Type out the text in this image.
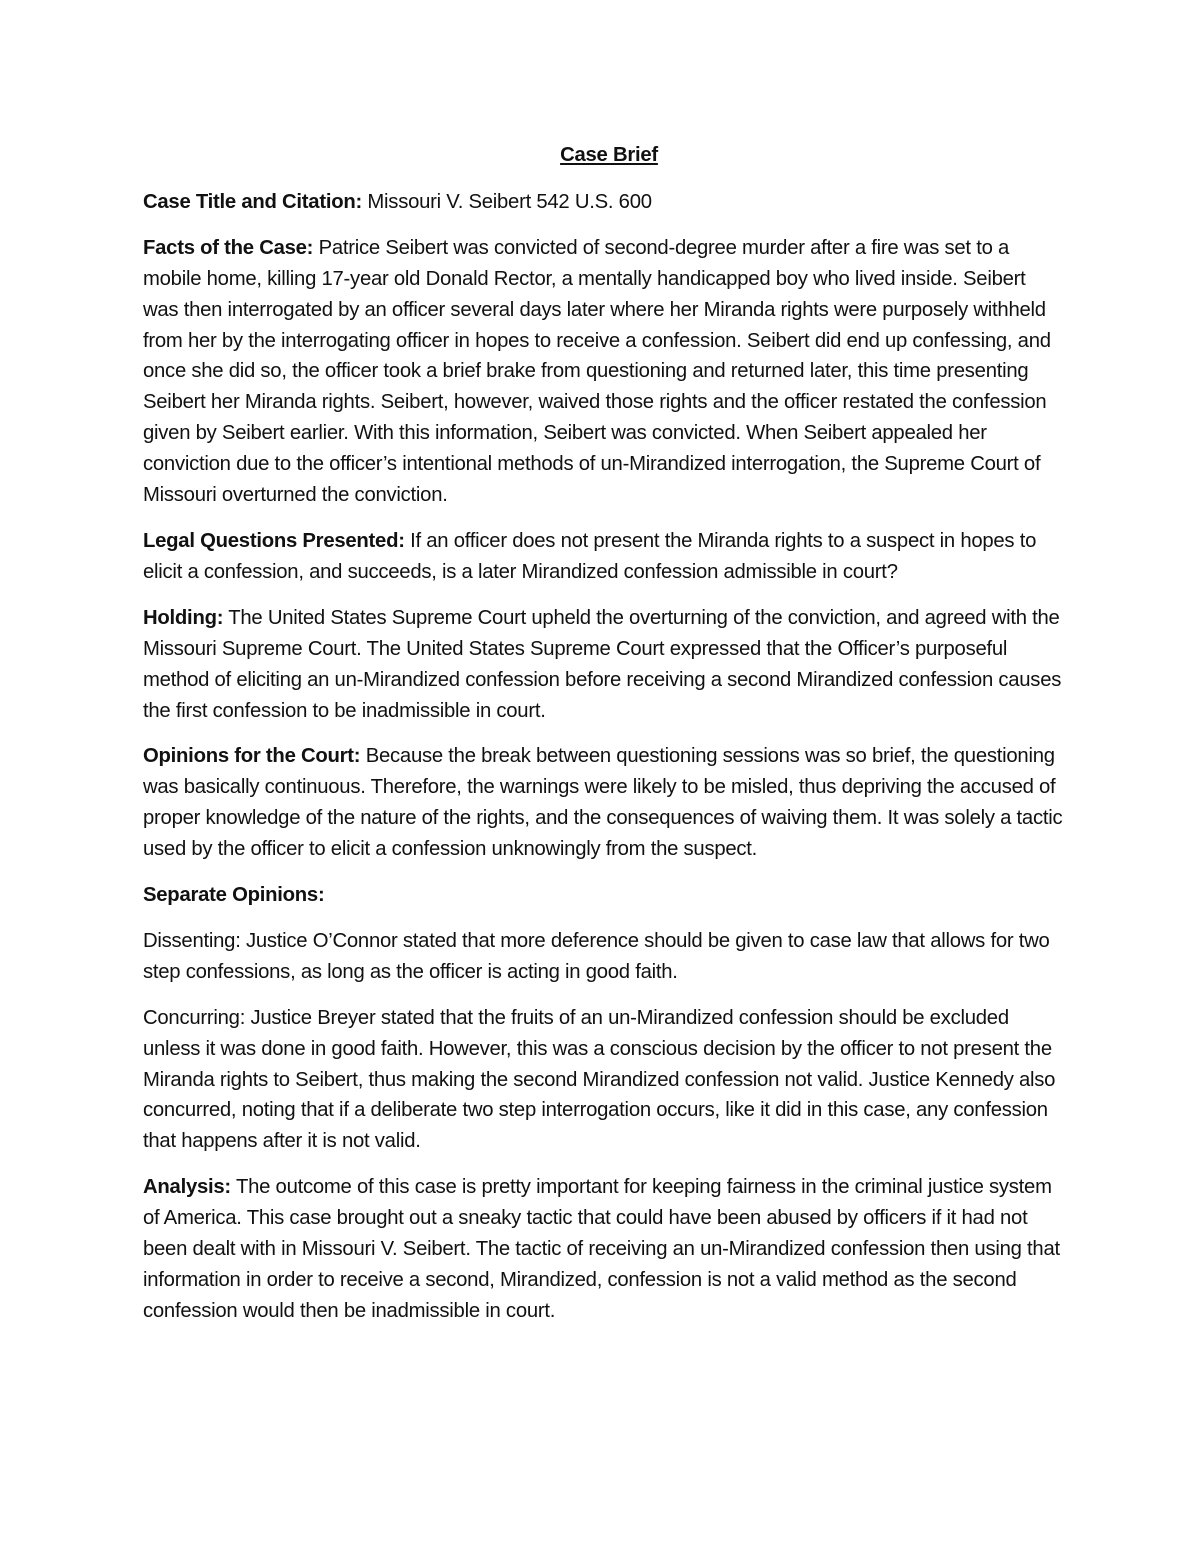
Case Brief

Case Title and Citation: Missouri V. Seibert 542 U.S. 600

Facts of the Case: Patrice Seibert was convicted of second-degree murder after a fire was set to a mobile home, killing 17-year old Donald Rector, a mentally handicapped boy who lived inside. Seibert was then interrogated by an officer several days later where her Miranda rights were purposely withheld from her by the interrogating officer in hopes to receive a confession. Seibert did end up confessing, and once she did so, the officer took a brief brake from questioning and returned later, this time presenting Seibert her Miranda rights. Seibert, however, waived those rights and the officer restated the confession given by Seibert earlier. With this information, Seibert was convicted. When Seibert appealed her conviction due to the officer’s intentional methods of un-Mirandized interrogation, the Supreme Court of Missouri overturned the conviction.

Legal Questions Presented: If an officer does not present the Miranda rights to a suspect in hopes to elicit a confession, and succeeds, is a later Mirandized confession admissible in court?

Holding: The United States Supreme Court upheld the overturning of the conviction, and agreed with the Missouri Supreme Court. The United States Supreme Court expressed that the Officer’s purposeful method of eliciting an un-Mirandized confession before receiving a second Mirandized confession causes the first confession to be inadmissible in court.

Opinions for the Court: Because the break between questioning sessions was so brief, the questioning was basically continuous. Therefore, the warnings were likely to be misled, thus depriving the accused of proper knowledge of the nature of the rights, and the consequences of waiving them. It was solely a tactic used by the officer to elicit a confession unknowingly from the suspect.

Separate Opinions:

Dissenting: Justice O’Connor stated that more deference should be given to case law that allows for two step confessions, as long as the officer is acting in good faith.

Concurring: Justice Breyer stated that the fruits of an un-Mirandized confession should be excluded unless it was done in good faith. However, this was a conscious decision by the officer to not present the Miranda rights to Seibert, thus making the second Mirandized confession not valid. Justice Kennedy also concurred, noting that if a deliberate two step interrogation occurs, like it did in this case, any confession that happens after it is not valid.

Analysis: The outcome of this case is pretty important for keeping fairness in the criminal justice system of America. This case brought out a sneaky tactic that could have been abused by officers if it had not been dealt with in Missouri V. Seibert. The tactic of receiving an un-Mirandized confession then using that information in order to receive a second, Mirandized, confession is not a valid method as the second confession would then be inadmissible in court.
